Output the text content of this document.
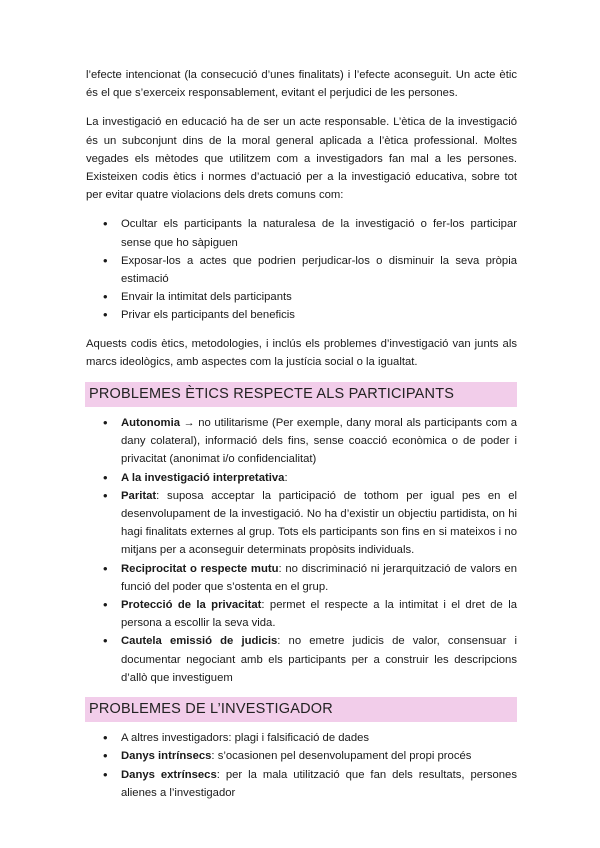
l’efecte intencionat (la consecució d’unes finalitats) i l’efecte aconseguit. Un acte ètic és el que s’exerceix responsablement, evitant el perjudici de les persones.

La investigació en educació ha de ser un acte responsable. L’ètica de la investigació és un subconjunt dins de la moral general aplicada a l’ètica professional. Moltes vegades els mètodes que utilitzem com a investigadors fan mal a les persones. Existeixen codis ètics i normes d’actuació per a la investigació educativa, sobre tot per evitar quatre violacions dels drets comuns com:

• Ocultar els participants la naturalesa de la investigació o fer-los participar sense que ho sàpiguen
• Exposar-los a actes que podrien perjudicar-los o disminuir la seva pròpia estimació
• Envair la intimitat dels participants
• Privar els participants del beneficis

Aquests codis ètics, metodologies, i inclús els problemes d’investigació van junts als marcs ideològics, amb aspectes com la justícia social o la igualtat.

PROBLEMES ÈTICS RESPECTE ALS PARTICIPANTS
• Autonomia → no utilitarisme (Per exemple, dany moral als participants com a dany colateral), informació dels fins, sense coacció econòmica o de poder i privacitat (anonimat i/o confidencialitat)
• A la investigació interpretativa:
• Paritat: suposa acceptar la participació de tothom per igual pes en el desenvolupament de la investigació. No ha d’existir un objectiu partidista, on hi hagi finalitats externes al grup. Tots els participants son fins en si mateixos i no mitjans per a aconseguir determinats propòsits individuals.
• Reciprocitat o respecte mutu: no discriminació ni jerarquització de valors en funció del poder que s’ostenta en el grup.
• Protecció de la privacitat: permet el respecte a la intimitat i el dret de la persona a escollir la seva vida.
• Cautela emissió de judicis: no emetre judicis de valor, consensuar i documentar negociant amb els participants per a construir les descripcions d’allò que investiguem
PROBLEMES DE L’INVESTIGADOR
• A altres investigadors: plagi i falsificació de dades
• Danys intrínsecs: s’ocasionen pel desenvolupament del propi procés
• Danys extrínsecs: per la mala utilització que fan dels resultats, persones alienes a l’investigador
